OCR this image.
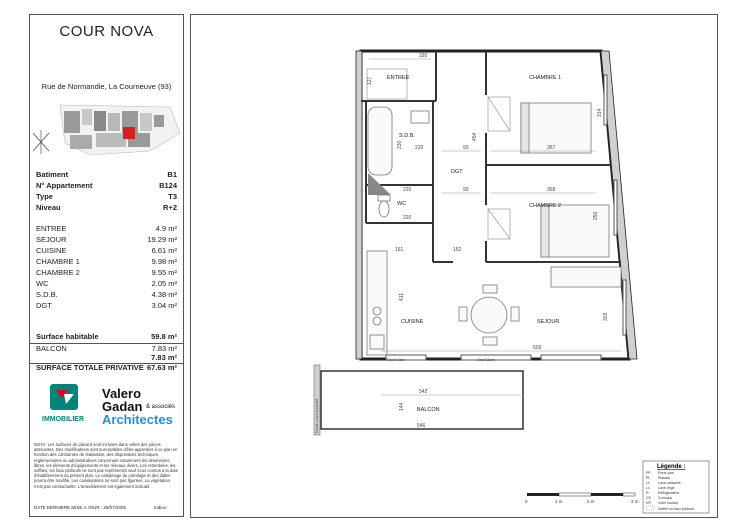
COUR NOVA
Rue de Normandie, La Courneuve (93)
Batiment	B1
N° Appartement	B124
Type	T3
Niveau	R+2
ENTREE	4.9 m²
SEJOUR	19.29 m²
CUISINE	6.61 m²
CHAMBRE 1	9.98 m²
CHAMBRE 2	9.55 m²
WC	2.05 m²
S.D.B.	4.38 m²
DGT	3.04 m²
Surface habitable	59.8 m²
BALCON	7.83 m²
7.83 m²
SURFACE TOTALE PRIVATIVE 67.63 m²
IMMOBILIER
Valero
Gadan & associés
Architectes
NOTA: Les surfaces de placard sont incluses dans celles des pièces attenantes. Des modifications sont susceptibles d'être apportées à ce plan en fonction des contraintes de réalisation, des dispositions techniques, réglementaires ou administratives concernant notamment les dimensions libres, les éléments d'équipements et les réseaux divers. Les retombées, les soffites, les faux plafonds ne sont pas représentés sauf ceux connus à la date d'établissement du présent plan. Le calepinage du carrelage et des dalles pourra être modifié. Les canalisations ne sont pas figurées. La végétation n'est pas contractuelle. L'ameublement est également indicatif.
DATE DERNIERE MISE A JOUR : 25/07/2025	Indice :
ENTREE	CHAMBRE 1
S.D.B.
DGT
WC	CHAMBRE 2
CUISINE	SEJOUR
BALCON
320
127
314
454
230 220	93	367
220	368
93
250
220
161	152
411
303
603
542
144
546
Seuil 2cm	Seuil 2cm
Garde-corps séparatif
0	1 m	2 m	3 m
Légende :
PP Porte-pan
PL Placard
LV Lave-vaisselle
LL Lave-linge
R	Réfrigérateur
CE Cumulus
VR Volet roulant
Soffite ou faux plafond
